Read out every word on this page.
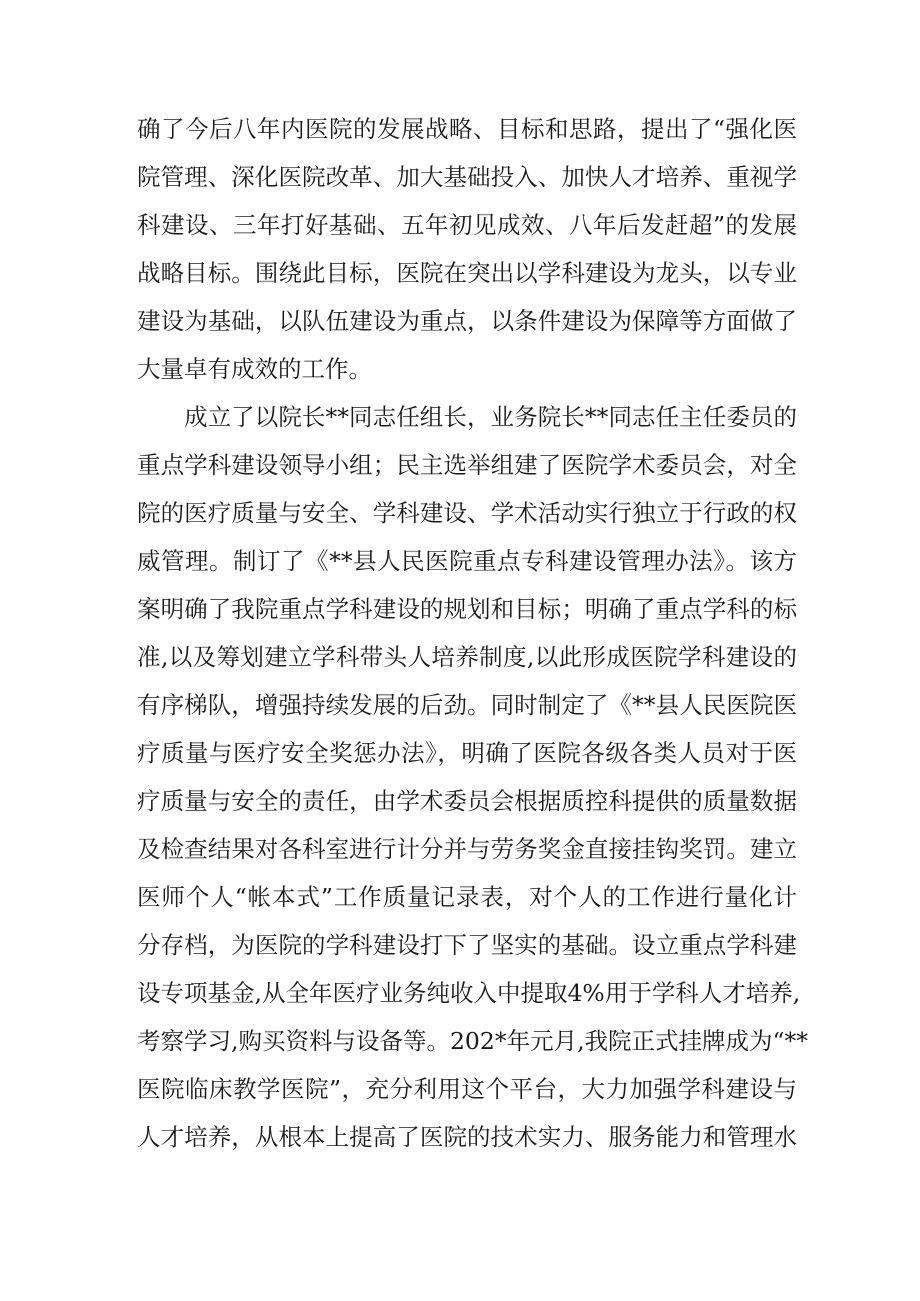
确了今后八年内医院的发展战略、目标和思路，提出了“强化医
院管理、深化医院改革、加大基础投入、加快人才培养、重视学
科建设、三年打好基础、五年初见成效、八年后发赶超”的发展
战略目标。围绕此目标，医院在突出以学科建设为龙头，以专业
建设为基础，以队伍建设为重点，以条件建设为保障等方面做了
大量卓有成效的工作。
成立了以院长**同志任组长，业务院长**同志任主任委员的
重点学科建设领导小组；民主选举组建了医院学术委员会，对全
院的医疗质量与安全、学科建设、学术活动实行独立于行政的权
威管理。制订了《**县人民医院重点专科建设管理办法》。该方
案明确了我院重点学科建设的规划和目标；明确了重点学科的标
准,以及筹划建立学科带头人培养制度,以此形成医院学科建设的
有序梯队，增强持续发展的后劲。同时制定了《**县人民医院医
疗质量与医疗安全奖惩办法》，明确了医院各级各类人员对于医
疗质量与安全的责任，由学术委员会根据质控科提供的质量数据
及检查结果对各科室进行计分并与劳务奖金直接挂钩奖罚。建立
医师个人“帐本式”工作质量记录表，对个人的工作进行量化计
分存档，为医院的学科建设打下了坚实的基础。设立重点学科建
设专项基金,从全年医疗业务纯收入中提取4%用于学科人才培养,
考察学习,购买资料与设备等。202*年元月,我院正式挂牌成为“**
医院临床教学医院”，充分利用这个平台，大力加强学科建设与
人才培养，从根本上提高了医院的技术实力、服务能力和管理水
